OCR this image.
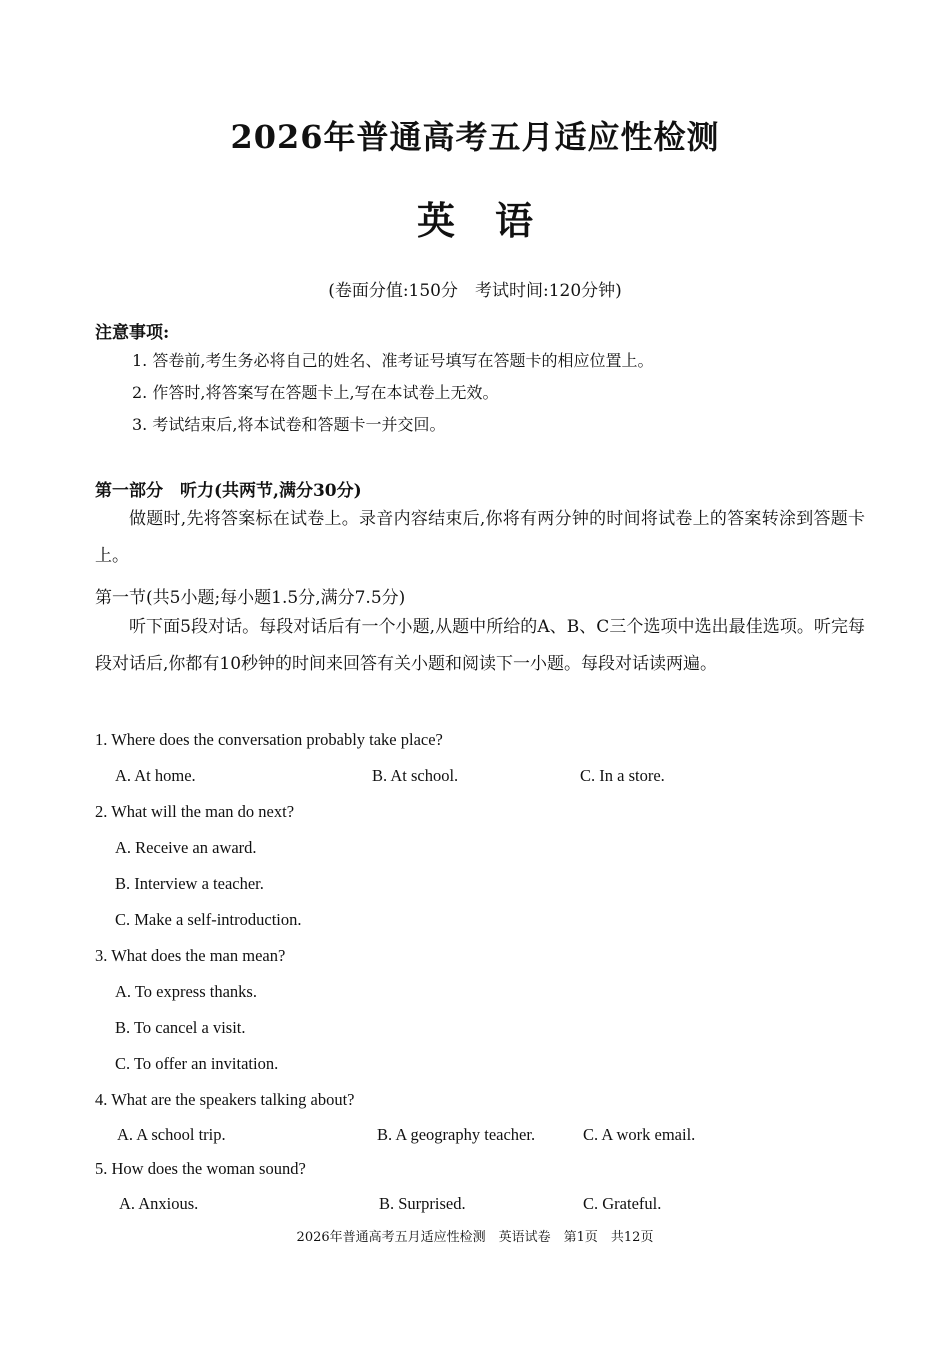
2026年普通高考五月适应性检测
英语
(卷面分值:150分　考试时间:120分钟)
注意事项:
1. 答卷前,考生务必将自己的姓名、准考证号填写在答题卡的相应位置上。
2. 作答时,将答案写在答题卡上,写在本试卷上无效。
3. 考试结束后,将本试卷和答题卡一并交回。
第一部分　听力(共两节,满分30分)
做题时,先将答案标在试卷上。录音内容结束后,你将有两分钟的时间将试卷上的答案转涂到答题卡上。
第一节(共5小题;每小题1.5分,满分7.5分)
听下面5段对话。每段对话后有一个小题,从题中所给的A、B、C三个选项中选出最佳选项。听完每段对话后,你都有10秒钟的时间来回答有关小题和阅读下一小题。每段对话读两遍。
1. Where does the conversation probably take place?
A. At home.	B. At school.	C. In a store.
2. What will the man do next?
A. Receive an award.
B. Interview a teacher.
C. Make a self-introduction.
3. What does the man mean?
A. To express thanks.
B. To cancel a visit.
C. To offer an invitation.
4. What are the speakers talking about?
A. A school trip.	B. A geography teacher.	C. A work email.
5. How does the woman sound?
A. Anxious.	B. Surprised.	C. Grateful.
2026年普通高考五月适应性检测　英语试卷　第1页　共12页
